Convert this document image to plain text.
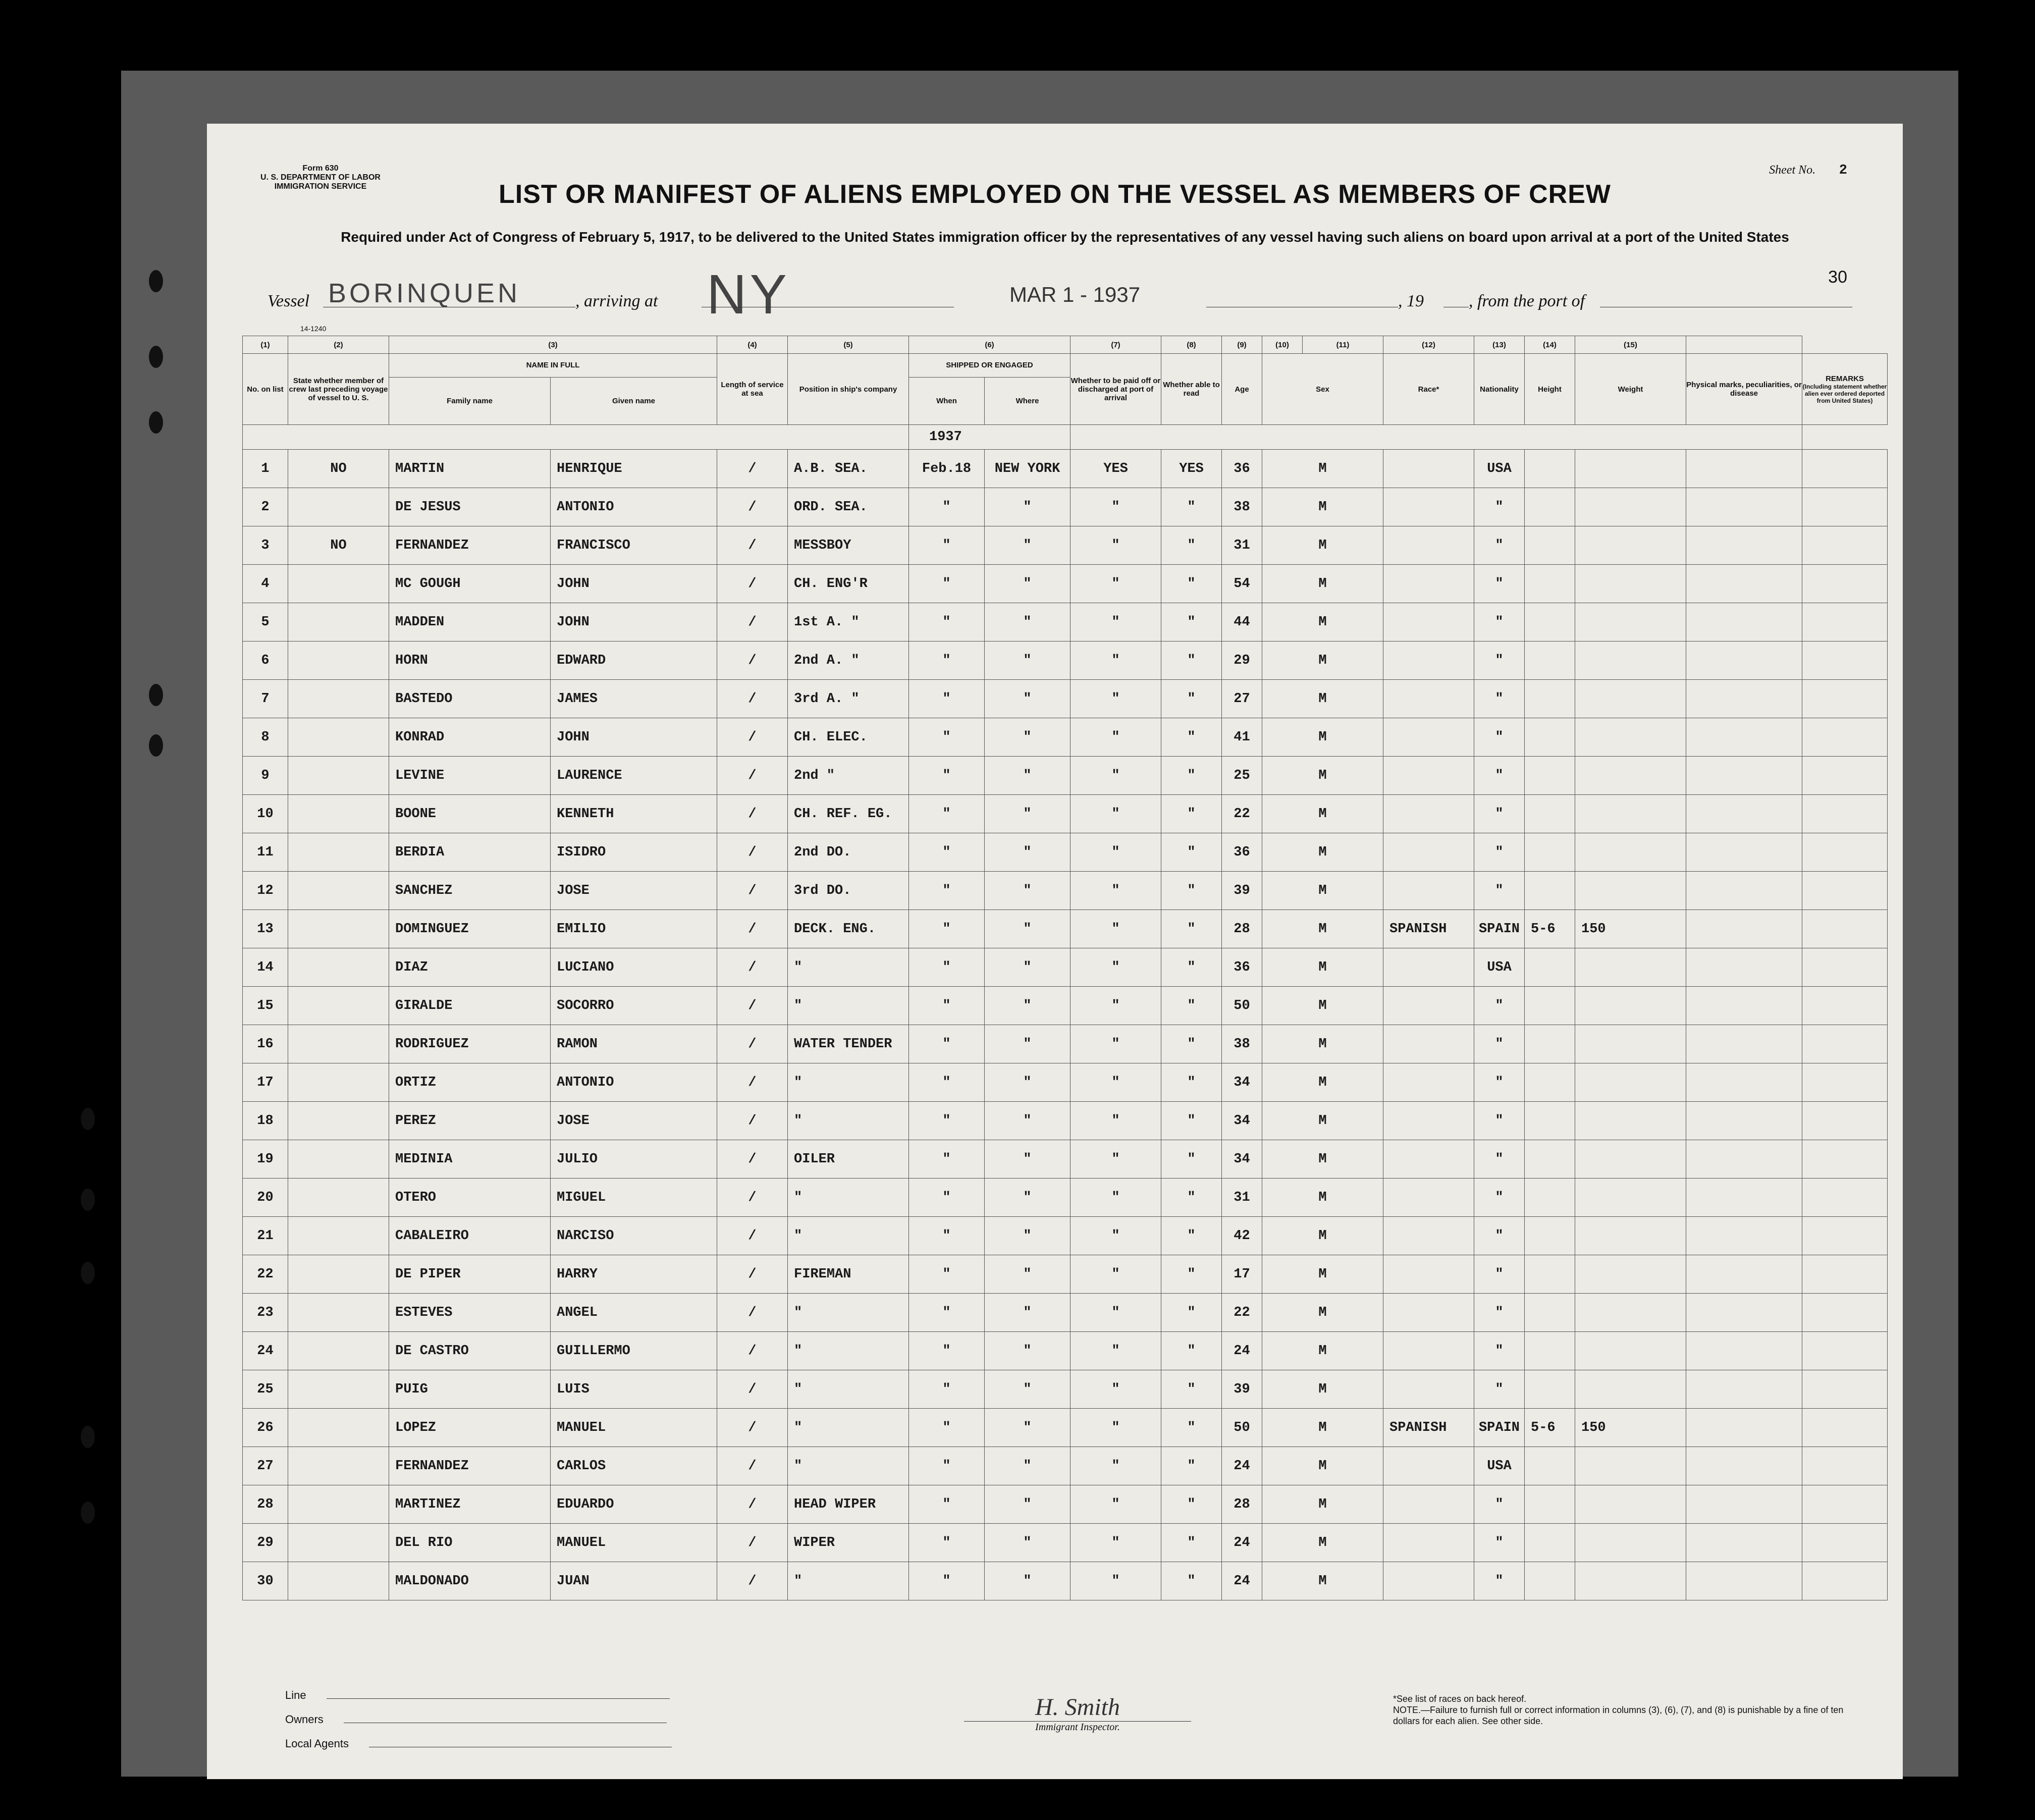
Form 630
U. S. DEPARTMENT OF LABOR
IMMIGRATION SERVICE
Sheet No. 2
LIST OR MANIFEST OF ALIENS EMPLOYED ON THE VESSEL AS MEMBERS OF CREW
Required under Act of Congress of February 5, 1917, to be delivered to the United States immigration officer by the representatives of any vessel having such aliens on board upon arrival at a port of the United States
30
Vessel BORINQUEN	, arriving at NY	MAR 1 - 1937	, 19	, from the port of
14-1240
(1)	(2)	(3)		(4)	(5)	(6)		(7)	(8)	(9)	(10)	(11)	(12)	(13)	(14)	(15)		
No. on list	State whether member of crew last preceding voyage of vessel to U. S.	NAME IN FULL		Length of service at sea	Position in ship's company	SHIPPED OR ENGAGED		Whether to be paid off or discharged at port of arrival	Whether able to read	Age	Sex		Race*	Nationality	Height	Weight	Physical marks, peculiarities, or disease	REMARKS
(Including statement whether alien ever ordered deported from United States)

		Family name	Given name			When	Where											
						1937												
1	NO	MARTIN	HENRIQUE	/	A.B. SEA.	Feb.18	NEW YORK	YES	YES	36	M			USA				
2		DE JESUS	ANTONIO	/	ORD. SEA.	"	"	"	"	38	M			"				
3	NO	FERNANDEZ	FRANCISCO	/	MESSBOY	"	"	"	"	31	M			"				
4		MC GOUGH	JOHN	/	CH. ENG'R	"	"	"	"	54	M			"				
5		MADDEN	JOHN	/	1st A. "	"	"	"	"	44	M			"				
6		HORN	EDWARD	/	2nd A. "	"	"	"	"	29	M			"				
7		BASTEDO	JAMES	/	3rd A. "	"	"	"	"	27	M			"				
8		KONRAD	JOHN	/	CH. ELEC.	"	"	"	"	41	M			"				
9		LEVINE	LAURENCE	/	2nd "	"	"	"	"	25	M			"				
10		BOONE	KENNETH	/	CH. REF. EG.	"	"	"	"	22	M			"				
11		BERDIA	ISIDRO	/	2nd DO.	"	"	"	"	36	M			"				
12		SANCHEZ	JOSE	/	3rd DO.	"	"	"	"	39	M			"				
13		DOMINGUEZ	EMILIO	/	DECK. ENG.	"	"	"	"	28	M		SPANISH	SPAIN	5-6	150		
14		DIAZ	LUCIANO	/	"	"	"	"	"	36	M			USA				
15		GIRALDE	SOCORRO	/	"	"	"	"	"	50	M			"				
16		RODRIGUEZ	RAMON	/	WATER TENDER	"	"	"	"	38	M			"				
17		ORTIZ	ANTONIO	/	"	"	"	"	"	34	M			"				
18		PEREZ	JOSE	/	"	"	"	"	"	34	M			"				
19		MEDINIA	JULIO	/	OILER	"	"	"	"	34	M			"				
20		OTERO	MIGUEL	/	"	"	"	"	"	31	M			"				
21		CABALEIRO	NARCISO	/	"	"	"	"	"	42	M			"				
22		DE PIPER	HARRY	/	FIREMAN	"	"	"	"	17	M			"				
23		ESTEVES	ANGEL	/	"	"	"	"	"	22	M			"				
24		DE CASTRO	GUILLERMO	/	"	"	"	"	"	24	M			"				
25		PUIG	LUIS	/	"	"	"	"	"	39	M			"				
26		LOPEZ	MANUEL	/	"	"	"	"	"	50	M		SPANISH	SPAIN	5-6	150		
27		FERNANDEZ	CARLOS	/	"	"	"	"	"	24	M			USA				
28		MARTINEZ	EDUARDO	/	HEAD WIPER	"	"	"	"	28	M			"				
29		DEL RIO	MANUEL	/	WIPER	"	"	"	"	24	M			"				
30		MALDONADO	JUAN	/	"	"	"	"	"	24	M			"				
Line
Owners
Local Agents
H. Smith
Immigrant Inspector.
*See list of races on back hereof.
NOTE.—Failure to furnish full or correct information in columns (3), (6), (7), and (8) is punishable by a fine of ten dollars for each alien. See other side.
